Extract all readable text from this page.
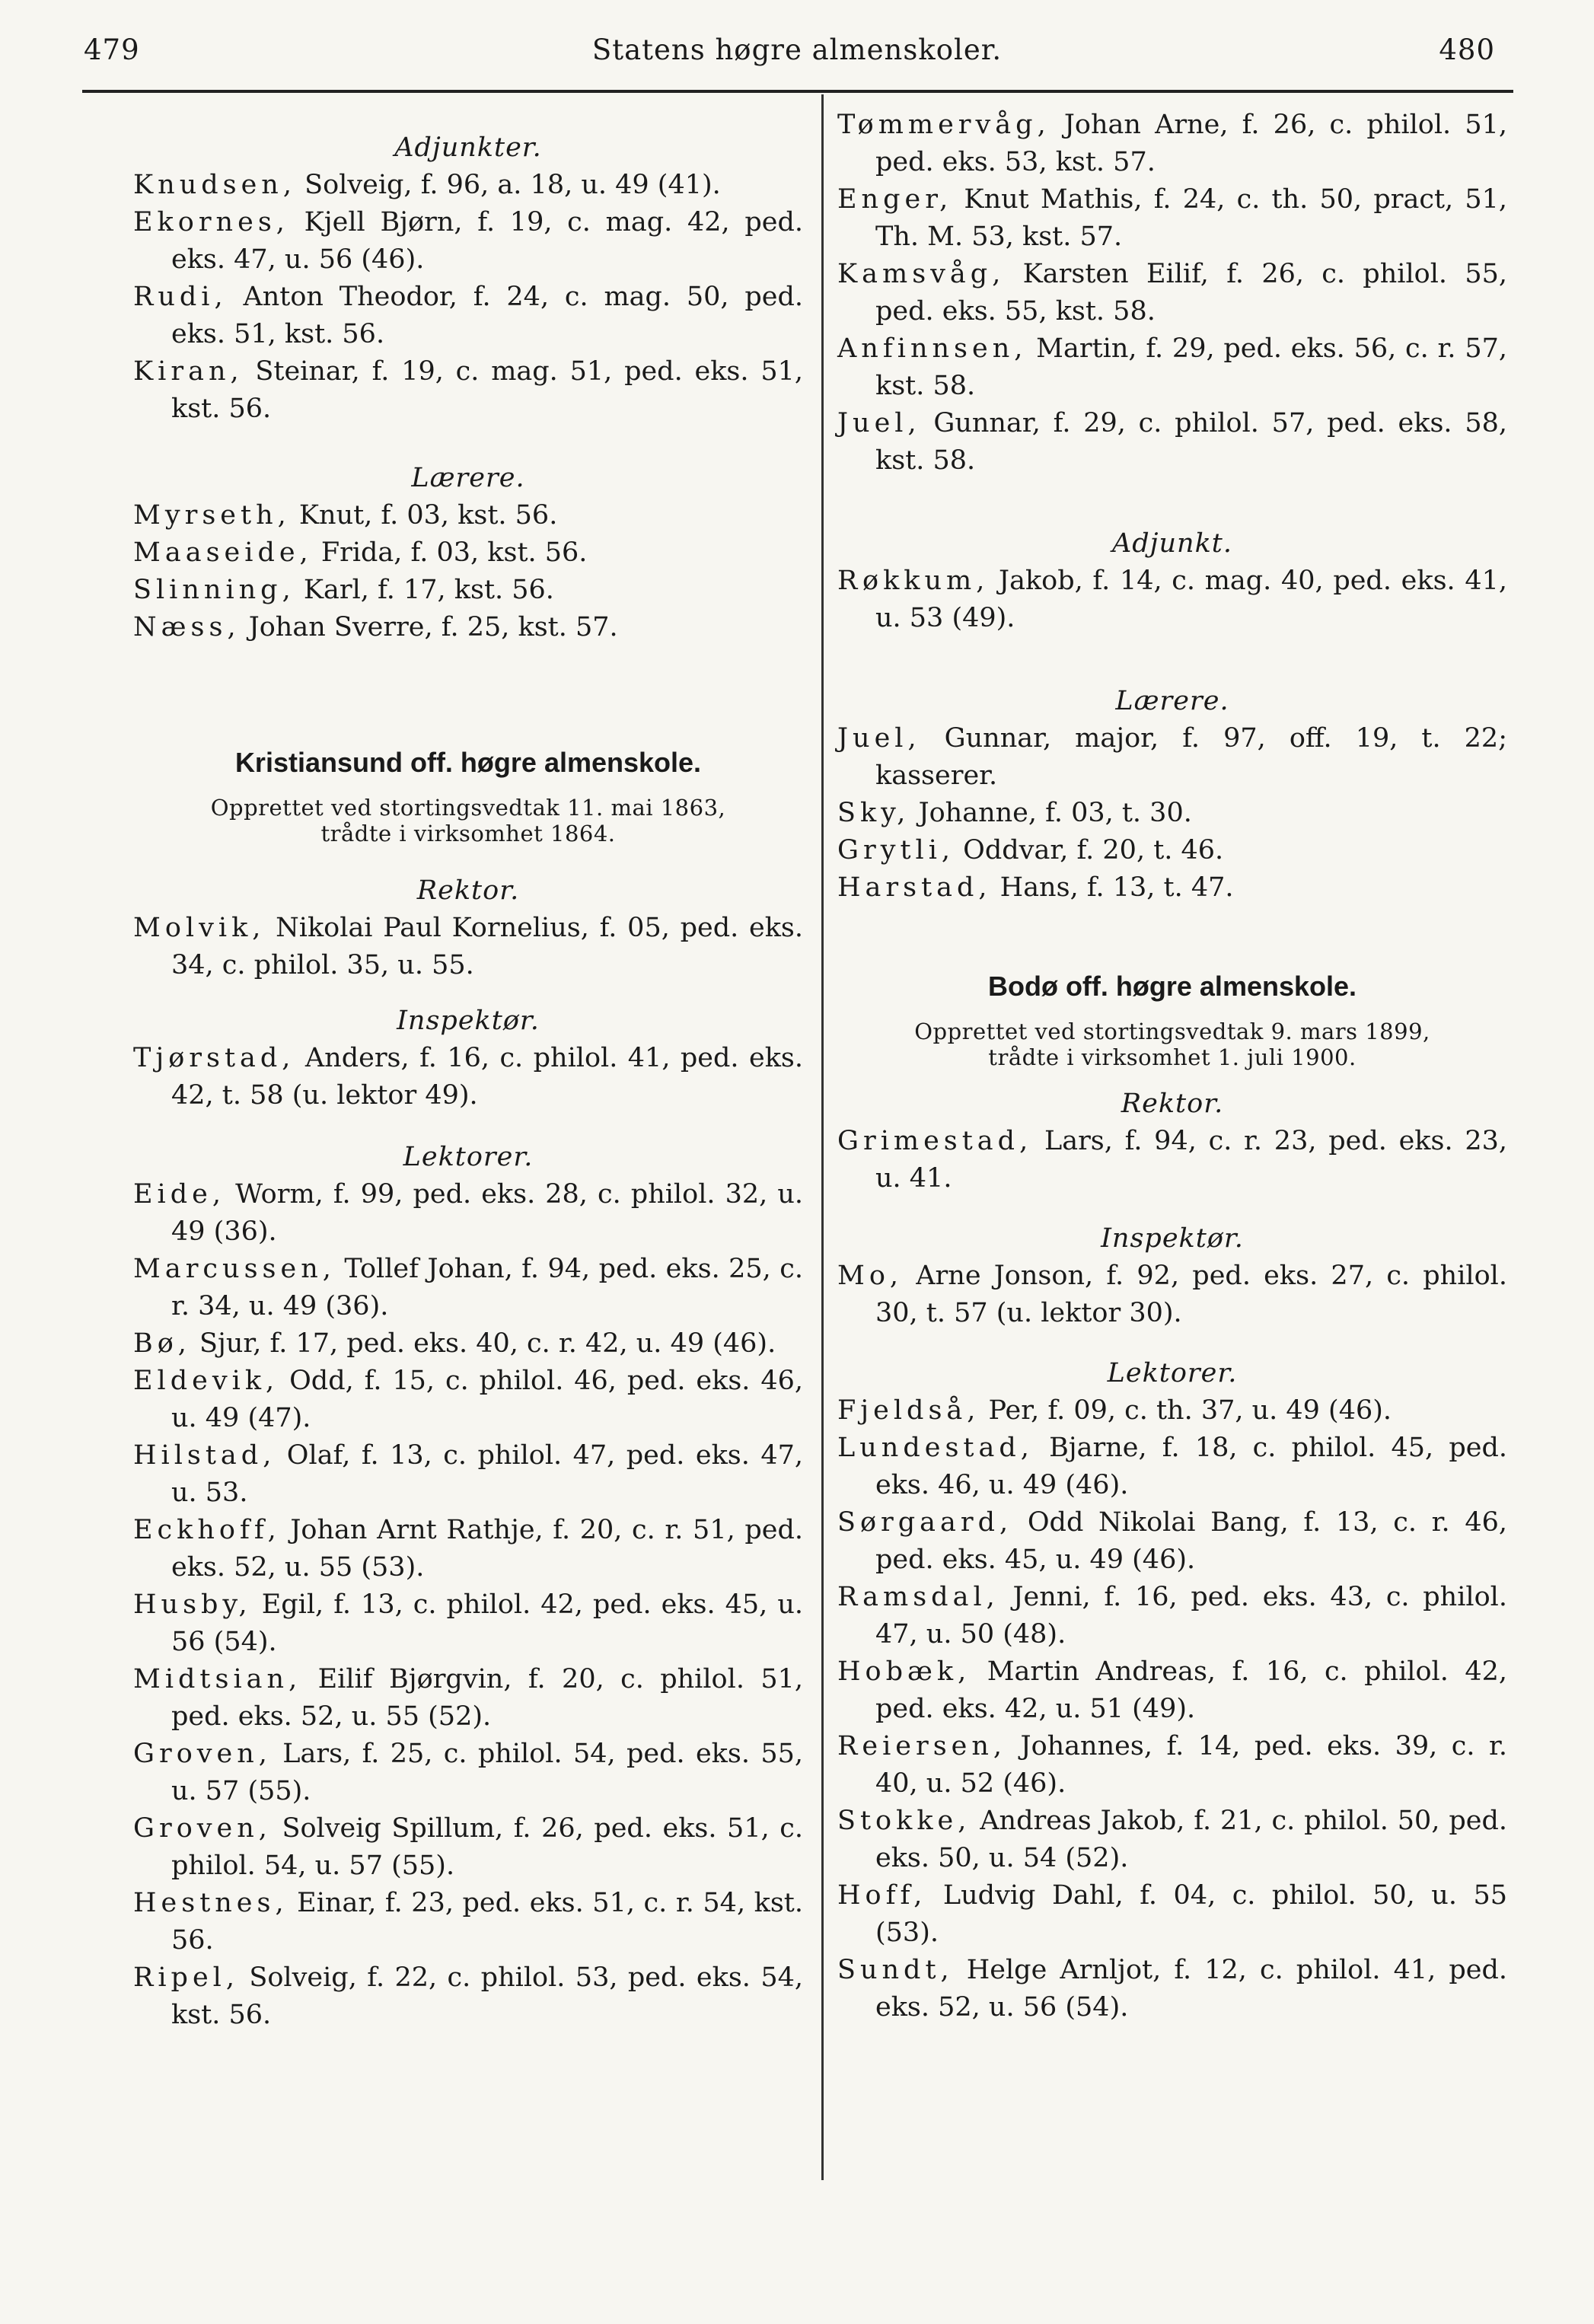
479	Statens høgre almenskoler.	480
Adjunkter.
Knudsen, Solveig, f. 96, a. 18, u. 49 (41).
Ekornes, Kjell Bjørn, f. 19, c. mag. 42, ped. eks. 47, u. 56 (46).
Rudi, Anton Theodor, f. 24, c. mag. 50, ped. eks. 51, kst. 56.
Kiran, Steinar, f. 19, c. mag. 51, ped. eks. 51, kst. 56.
Lærere.
Myrseth, Knut, f. 03, kst. 56.
Maaseide, Frida, f. 03, kst. 56.
Slinning, Karl, f. 17, kst. 56.
Næss, Johan Sverre, f. 25, kst. 57.
Kristiansund off. høgre almenskole.
Opprettet ved stortingsvedtak 11. mai 1863,
trådte i virksomhet 1864.
Rektor.
Molvik, Nikolai Paul Kornelius, f. 05, ped. eks. 34, c. philol. 35, u. 55.
Inspektør.
Tjørstad, Anders, f. 16, c. philol. 41, ped. eks. 42, t. 58 (u. lektor 49).
Lektorer.
Eide, Worm, f. 99, ped. eks. 28, c. philol. 32, u. 49 (36).
Marcussen, Tollef Johan, f. 94, ped. eks. 25, c. r. 34, u. 49 (36).
Bø, Sjur, f. 17, ped. eks. 40, c. r. 42, u. 49 (46).
Eldevik, Odd, f. 15, c. philol. 46, ped. eks. 46, u. 49 (47).
Hilstad, Olaf, f. 13, c. philol. 47, ped. eks. 47, u. 53.
Eckhoff, Johan Arnt Rathje, f. 20, c. r. 51, ped. eks. 52, u. 55 (53).
Husby, Egil, f. 13, c. philol. 42, ped. eks. 45, u. 56 (54).
Midtsian, Eilif Bjørgvin, f. 20, c. philol. 51, ped. eks. 52, u. 55 (52).
Groven, Lars, f. 25, c. philol. 54, ped. eks. 55, u. 57 (55).
Groven, Solveig Spillum, f. 26, ped. eks. 51, c. philol. 54, u. 57 (55).
Hestnes, Einar, f. 23, ped. eks. 51, c. r. 54, kst. 56.
Ripel, Solveig, f. 22, c. philol. 53, ped. eks. 54, kst. 56.
Tømmervåg, Johan Arne, f. 26, c. philol. 51, ped. eks. 53, kst. 57.
Enger, Knut Mathis, f. 24, c. th. 50, pract, 51, Th. M. 53, kst. 57.
Kamsvåg, Karsten Eilif, f. 26, c. philol. 55, ped. eks. 55, kst. 58.
Anfinnsen, Martin, f. 29, ped. eks. 56, c. r. 57, kst. 58.
Juel, Gunnar, f. 29, c. philol. 57, ped. eks. 58, kst. 58.
Adjunkt.
Røkkum, Jakob, f. 14, c. mag. 40, ped. eks. 41, u. 53 (49).
Lærere.
Juel, Gunnar, major, f. 97, off. 19, t. 22; kasserer.
Sky, Johanne, f. 03, t. 30.
Grytli, Oddvar, f. 20, t. 46.
Harstad, Hans, f. 13, t. 47.
Bodø off. høgre almenskole.
Opprettet ved stortingsvedtak 9. mars 1899,
trådte i virksomhet 1. juli 1900.
Rektor.
Grimestad, Lars, f. 94, c. r. 23, ped. eks. 23, u. 41.
Inspektør.
Mo, Arne Jonson, f. 92, ped. eks. 27, c. philol. 30, t. 57 (u. lektor 30).
Lektorer.
Fjeldså, Per, f. 09, c. th. 37, u. 49 (46).
Lundestad, Bjarne, f. 18, c. philol. 45, ped. eks. 46, u. 49 (46).
Sørgaard, Odd Nikolai Bang, f. 13, c. r. 46, ped. eks. 45, u. 49 (46).
Ramsdal, Jenni, f. 16, ped. eks. 43, c. philol. 47, u. 50 (48).
Hobæk, Martin Andreas, f. 16, c. philol. 42, ped. eks. 42, u. 51 (49).
Reiersen, Johannes, f. 14, ped. eks. 39, c. r. 40, u. 52 (46).
Stokke, Andreas Jakob, f. 21, c. philol. 50, ped. eks. 50, u. 54 (52).
Hoff, Ludvig Dahl, f. 04, c. philol. 50, u. 55 (53).
Sundt, Helge Arnljot, f. 12, c. philol. 41, ped. eks. 52, u. 56 (54).
